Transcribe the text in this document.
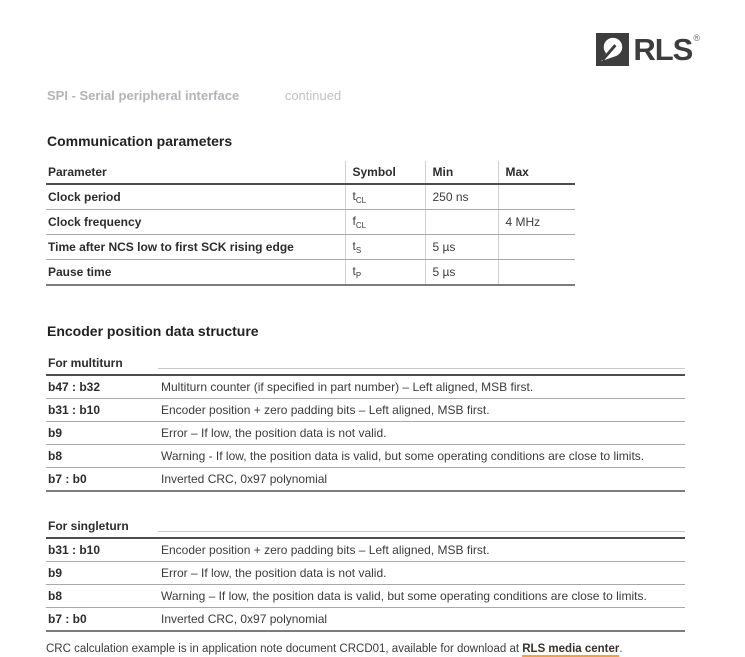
RLS ®
SPI - Serial peripheral interface	continued
Communication parameters
Parameter	Symbol	Min	Max
Clock period	$t_{CL}$	250 ns	
Clock frequency	$f_{CL}$		4 MHz
Time after NCS low to first SCK rising edge	$t_S$	5 µs	
Pause time	$t_P$	5 µs	
Encoder position data structure
For multiturn	
b47 : b32	Multiturn counter (if specified in part number) – Left aligned, MSB first.
b31 : b10	Encoder position + zero padding bits – Left aligned, MSB first.
b9	Error – If low, the position data is not valid.
b8	Warning - If low, the position data is valid, but some operating conditions are close to limits.
b7 : b0	Inverted CRC, 0x97 polynomial
For singleturn	
b31 : b10	Encoder position + zero padding bits – Left aligned, MSB first.
b9	Error – If low, the position data is not valid.
b8	Warning – If low, the position data is valid, but some operating conditions are close to limits.
b7 : b0	Inverted CRC, 0x97 polynomial

CRC calculation example is in application note document CRCD01, available for download at RLS media center.
